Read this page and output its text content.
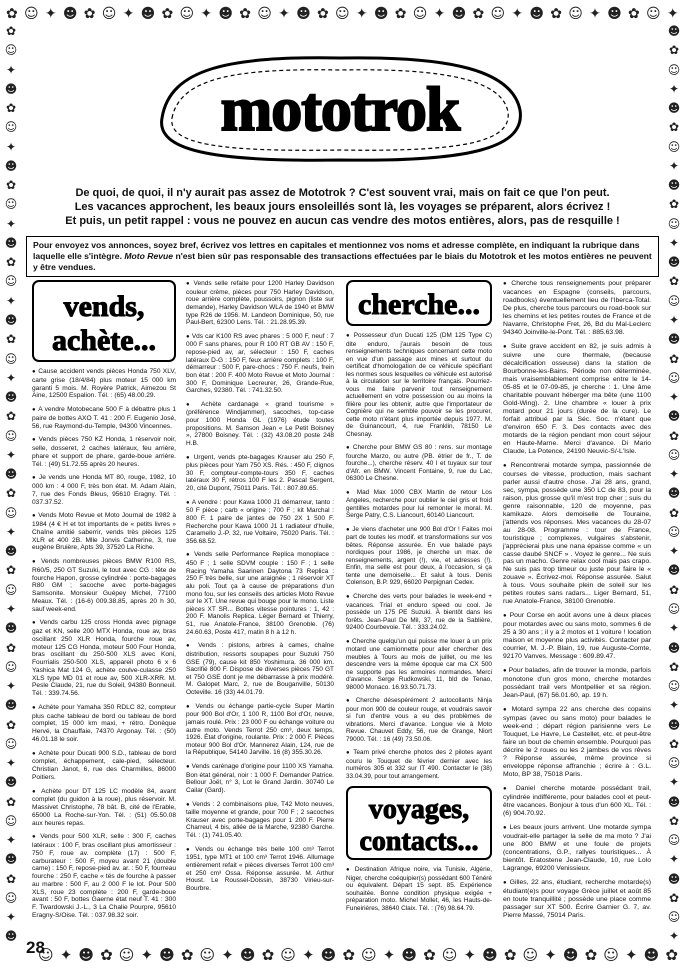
✿ ☺ ✦ ☻ ✿ ☺ ✦ ☻ ✿ ☺ ✦ ☻ ✿ ☺ ✦ ☻ ✿ ☺ ✦ ☻ ✿ ☺ ✦ ☻ ✿ ☺ ✦ ☻ ✿ ☺ ✦ ☻ ✿ ☺ ✦
✿
☺
✦
☻
✿
☺
✦
☻
✿
☺
✦
☻
✿
☺
✦
☻
✿
☺
✦
☻
✿
☺
✦
☻
✿
☺
✦
☻
✿
☺
✦
☻
✿
☺
✦
☻
✿
☺
✦
☻
✿
☺
✦
☻
✿
☺
✦
☻
☻
✿
☺
✦
☻
✿
☺
✦
☻
✿
☺
✦
☻
✿
☺
✦
☻
✿
☺
✦
☻
✿
☺
✦
☻
✿
☺
✦
☻
✿
☺
✦
☻
✿
☺
✦
☻
✿
☺
✦
☻
✿
☺
✦
☻
✿
☺
✦
☺ ✦ ☻ ✿ ☺ ✦ ☻ ✿ ☺ ✦ ☻ ✿ ☺ ✦ ☻ ✿ ☺ ✦ ☻ ✿ ☺ ✦ ☻ ✿ ☺ ✦ ☻ ✿ ☺ ✦ ☻ ✿
mototrok
De quoi, de quoi, il n'y aurait pas assez de Mototrok ? C'est souvent vrai, mais on fait ce que l'on peut.
Les vacances approchent, les beaux jours ensoleillés sont là, les voyages se préparent, alors écrivez !
Et puis, un petit rappel : vous ne pouvez en aucun cas vendre des motos entières, alors, pas de resquille !
Pour envoyez vos annonces, soyez bref, écrivez vos lettres en capitales et mentionnez vos noms et adresse complète, en indiquant la rubrique dans laquelle elle s'intègre. Moto Revue n'est bien sûr pas responsable des transactions effectuées par le biais du Mototrok et les motos entières ne peuvent y être vendues.
vends,
achète...

● Cause accident vends pièces Honda 750 XLV, carte grise (18/4/84) plus moteur 15 000 km garanti 5 mois. M. Royère Patrick, Aimezou St Aine, 12500 Espalion. Tél. : (65) 48.00.29.

● A vendre Motobecane 500 F à débattre plus 1 paire de bottes AXO T. 41 : 200 F. Eugenio José, 56, rue Raymond-du-Temple, 94300 Vincennes.

● Vends pièces 750 KZ Honda, 1 réservoir noir, selle, dosseret, 2 caches latéraux, feu arrière, phare et support de phare, garde-boue arrière. Tél. : (49) 51.72.55 après 20 heures.

● Je vends une Honda MT 80, rouge, 1982, 10 000 km : 4 000 F, très bon état. M. Adam Alain, 7, rue des Fonds Bleus, 95610 Eragny. Tél. : 037.37.52.

● Vends Moto Revue et Moto Journal de 1982 à 1984 (4 € H et tot importants de « petits livres » Chaîne amitié saberrir, vends très pièces 125 XLR et 400 2B. Mlle Jonvis Catherine, 3, rue eugène Bruière, Apts 39, 37520 La Riche.

● Vends nombreuses pièces BMW R100 RS, R60/5, 250 GT Suzuki, le tout avec CG : tête de fourche Hapon, grosse cylindrée : porte-bagages R80 GM ; sacoche avec porte-bagages Samsonite. Monsieur Guépey Michel, 77100 Meaux. Tél. : (16-6) 009.38.85, après 20 h 30, sauf week-end.

● Vends carbu 125 cross Honda avec pignage gaz et KN, selle 200 MTX Honda, roue av, bras oscillant 250 XLR Honda, fourche roue av, moteur 125 CG Honda, moteur 500 Four Honda, bras oscillant du 250-500 XLS avec Koni, Fourrialis 250-500 XLS, appareil photo 6 x 6 Yashica Mat 124 G, achète coulve-culasse 250 XLS type MD 01 et roue av, 500 XLR-XRR. M. Pesle Claude, 21, rue du Soleil, 94380 Bonneuil. Tél. : 339.74.56.

● Achète pour Yamaha 350 RDLC 82, compteur plus cache tableau de bord ou tableau de bord complet, 15 000 km maxi, + rétro. Donèque Hervé, la Chauffaie, 74370 Argonay. Tél. : (50) 46.01.18 le soir.

● Achète pour Ducati 900 S.D., tableau de bord complet, échappement, cale-pied, sélecteur. Christian Janot, 6, rue des Charmilles, 86000 Poitiers.

● Achète pour DT 125 LC modèle 84, avant complet (du guidon à la roue), plus réservoir. M. Massivet Christophe, 78 bât. B, cité de l'Erable, 65000 La Roche-sur-Yon. Tél. : (51) 05.50.08 aux heures repas.

● Vends pour 500 XLR, selle : 300 F, caches latéraux : 100 F, bras oscillant plus amortisseur : 750 F, roue av. complète (17) : 500 F, carburateur : 500 F, moyeu avant 21 (double came) : 150 F, repose-pied av. ar. : 50 F, fourreau fourche : 250 F, cache « tés de fourche à passer au marbre : 500 F, au 2 000 F le lot. Pour 500 XLS, roue 23 complète : 200 F, garde-boue avant : 50 F, bottes Gaerne état neuf T. 41 : 300 F. Twardowski J.-L., 3 La Chalie Pourpre, 95610 Eragny-S/Oise. Tél. : 037.98.32 soir.

● Vends selle refaite pour 1200 Harley Davidson couleur crème, pièces pour 750 Harley Davidson, roue arrière complète, poussoirs, pignon (liste sur demande), Harley Davidson WLA de 1940 et BMW type R26 de 1956. M. Landeon Dominique, 50, rue Paul-Bert, 62300 Lens. Tél. : 21.28.95.39.

● Vds car K100 RS avec phares : 5 000 F, neuf : 7 000 F sans phares, pour R 100 RT GB AV : 150 F, repose-pied av, ar, sélecteur : 150 F, caches latéraux D-G : 150 F, feux arrière complets : 100 F, démarreur : 500 F, pare-chocs : 750 F. neufs, frein bon état : 200 F. 400 Moto Revue et Moto Journal : 300 F, Dominique Lecreurer, 26, Grande-Rue, Garches, 92380. Tél. : 741.32.50.

● Achète cardanage « grand tourisme » (préférence Windjammer), sacoches, top-case pour 1000 Honda GL (1976) étude toutes propositions. M. Samson Jean « Le Petit Boisney », 27800 Boisney. Tél. : (32) 43.08.20 poste 248 H.B.

● Urgent, vends pte-bagages Krauser alu 250 F, plus pièces pour Yam 750 XS. Rés. : 450 F, clignos 30 F, compteur-compte-tours 350 F, caches latéraux 30 F, rétros 100 F les 2. Pascal Sergent, 20, cité Dupont, 75011 Paris. Tél. : 807.89.65.

● A vendre : pour Kawa 1000 J1 démarreur, tanto : 50 F pièce ; carb « origine ; 700 F ; kit Marchal : 800 F. 1 paire de jantes de 750 2X 1 500 F. Recherche pour Kawa 1000 J1 1 radiateur d'huile, Caramello J.-P. 32, rue Voltaire, 75020 Paris. Tél. : 356.68.52.

● Vends selle Performance Replica monoplace : 450 F ; 1 selle SDVM couple : 150 F ; 1 selle Racing Yamaha Saarinen Daytona 73 Replica : 250 F très belle, sur une araignée ; 1 réservoir XT alu poli. Tout ça à cause de préparations d'un mono fou, sur les conseils des articles Moto Revue sur le XT. Une revue qui bouge pour le mono. Liste pièces XT SR... Bottes vitesse pointures : 1, 42 : 200 F. Manolis Replica. Léger Bernard et Thierry, 51, rue Anatole-France, 38100 Grenoble. (76) 24.60.63, Poste 417, matin 8 h à 12 h.

● Vends : pistons, arbres à cames, chaîne distribution, ressorts soupapes pour Suzuki 750 GSE (79), cause kit 850 Yoshimura. 36 000 km. Sacrifié 800 F. Dispose de diverses pièces 750 GT et 750 GSE dont je me débarrasse à prix modéré. M. Galopet Marc, 2, rue de Bouganville, 50130 Octeville. 16 (33) 44.01.79.

● Vends ou échange partie-cycle Super Martin pour 900 Bol d'Or, 1 100 R, 1100 Bol d'Or, neuve, jamais roulé. Prix : 23 000 F ou échange voiture ou autre moto. Vends Terrot 250 cm³, deux temps, 1926. État d'origine, roulante. Prix : 2 000 F. Pièces moteur 900 Bol d'Or. Mannerez Alain, 124, rue de la République, 54140 Jarville. 16 (8) 355.30.26.

● Vends carénage d'origine pour 1100 XS Yamaha. Bon état général, noir : 1 000 F. Demander Patrice. Bellour Joël, n° 3, Lot le Grand Jardin. 30740 Le Cailar (Gard).

● Vends : 2 combinaisons plue, T42 Moto neuves, taille moyenne et grande, pour 700 F ; 2 sacoches Krauser avec porte-bagages pour 1 200 F. Pierre Charreul, 4 bis, allée de la Marche, 92380 Garche. Tél. : (1) 741.05.40.

● Vends ou échange très belle 100 cm³ Terrot 1951, type MT1 et 100 cm³ Terrot 1946. Allumage entièrement refait « pièces diverses Terrot 100 cm³ et 250 cm³ Ossa. Réponse assurée. M. Arthur Houst. Le Roussel-Doissin, 38730 Virieu-sur-Bourbre.

cherche...

● Possesseur d'un Ducati 125 (DM 125 Type C) dite enduro, j'aurais besoin de tous renseignements techniques concernant cette moto en vue d'un passage aux mines et surtout du certificat d'homologation de ce véhicule spécifiant les normes sous lesquelles ce véhicule est autorisé à la circulation sur le territoire français. Pourriez-vous me faire parvenir tout renseignement actuellement en votre possession ou au moins la filière pour les obtenir, autre que l'importateur de Cognière qui ne semble pouvoir se les procurer, cette moto n'étant plus importée depuis 1977. M. de Guinancourt, 4, rue Franklin, 78150 Le Chesnay.

● Cherche pour BMW GS 80 : rens. sur montage fourche Marzo, ou autre (PB. étrier de fr., T. de fourche...), cherche réserv. 40 l et tuyaux sur tour d'Afr. en BMW. Vincent Fontaine, 9, rue du Lac, 06300 Le Chesne.

● Mad Max 1000 CBX Martin de retour Los Angeles, recherche pour oublier le ciel gris et froid gentilles motardes pour lui remonter le moral. M. Serge Patry, C.S. Liancourt, 60140 Liancourt.

● Je viens d'acheter une 900 Bol d'Or ! Faites moi part de toutes les modif. et transformations sur vos bêtes. Réponse assurée. En vue balade pays nordiques pour 1986, je cherche un max. de renseignements, argent (!), vie, et adresses (!). Enfin, ma selle est pour deux, à l'occasion, si ça tente une demoiselle... Et salut à tous. Denis Colenson, B.P. 929, 66020 Perpignan Cedex.

● Cherche des verts pour balades le week-end + vacances. Trial et enduro speed ou cool. Je possède un 175 PE Suzuki. À bientôt dans les forêts. Jean-Paul De Mil, 37, rue de la Sablière, 92400 Courbevoie. Tél. : 333.24.02.

● Cherche quelqu'un qui puisse me louer à un prix motard une camionnette pour aller chercher des meubles à Tours au mois de juillet, ou me les descendre vers la même époque car ma CX 500 ne supporte pas les armoires normandes. Merci d'avance. Serge Rudkowski, 11, bld de Tenao, 98000 Monaco. 16.93.50.71.73.

● Cherche désespérément 2 autocollants Ninja pour mon 900 de couleur rouge, et voudrais savoir si l'un d'entre vous a eu des problèmes de vibrations. Merci d'avance. Longue vie à Moto Revue. Chauvet Eddy, 56, rue de Grange, Niort 79000. Tél. : 16 (49) 73.50.06.

● Team privé cherche photos des 2 pilotes ayant couru le Touquet de février dernier avec les numéros 305 et 332 sur IT 490. Contacter le (38) 33.04.39, pour tout arrangement.

voyages,
contacts...

● Destination Afrique noire, via Tunisie, Algérie, Niger, cherche coéquipier(s) possédant 600 Ténéré ou équivalent. Départ 15 sept. 85. Expérience souhaitée. Bonne condition physique exigée + préparation moto. Michel Mollet, 46, les Hauts-de-Funeirières, 38640 Claix. Tél. : (76) 98.64.79.

● Cherche tous renseignements pour préparer vacances en Espagne (conseils, parcours, roadbooks) éventuellement lieu de l'Iberca-Total. De plus, cherche tous parcours ou road-book sur les chemins et les petites routes de France et de Navarre, Christophe Fret, 26, Bd du Mal-Leclerc 94340 Joinville-le-Pont. Tél. : 885.63.98.

● Suite grave accident en 82, je suis admis à suivre une cure thermale, (because décalcification osseuse) dans la station de Bourbonne-les-Bains. Période non déterminée, mais vraisemblablement comprise entre le 14-05-85 et le 07-09-85, je cherche : 1. Une âme charitable pouvant héberger ma bête (une 1100 Gold-Wing). 2. Une chambre « louer à prix motard pour 21 jours (durée de la cure). Le forfait attribué par la Séc. Soc. n'étant que d'environ 650 F. 3. Des contacts avec des motards de la région pendant mon court séjour en Haute-Marne. Merci d'avance. Di Mario Claude, La Potence, 24190 Neuvic-S/-L'Isle.

● Rencontrerai motarde sympa, passionnée de courses de vitesse, production, mais sachant parler aussi d'autre chose. J'ai 28 ans, grand, sec, sympa, possède une 350 LC de 83, pour la raison, plus grosse qu'il m'est trop cher ; suis du genre raisonnable, 120 de moyenne, pas kamikaze. Alors demoiselle de Touraine, j'attends vos réponses. Mes vacances du 28-07 au 28-08. Programme : tour de France, touristique ; complexes, vulgaires s'abstenir, j'apprécierai plus une nana épaisse comme « un casse daubé SNCF » . Voyez le genre... Ne suis pas un macho. Genre relax cool mais pas crapo. Ne suis pas trop timeur ou juste pour faire le « zouave ». Écrivez-moi. Réponse assurée. Salut à tous. Vous souhaite plein de soleil sur les petites routes sans radars... Liger Bernard, 51, rue Anatole-France, 38100 Grenoble.

● Pour Corse en août avons une à deux places pour motardes avec ou sans moto, sommes 6 de 25 à 30 ans ; il y a 2 motos et 1 voiture ! location maison et moyenne plus activités. Contacter par courrier, M. J.-P. Blain, 19, rue Auguste-Comte, 92170 Vanves. Message : 609.89.47.

● Pour balades, afin de trouver la monde, parfois monotone d'un gros mono, cherche motardes possédant trail vers Montpellier et sa région. Jean-Paul, (67) 56.01.60, ap. 19 h.

● Motard sympa 22 ans cherche des copains sympas (avec ou sans moto) pour balades le week-end ; départ région parisienne vers Le Touquet, Le Havre, Le Castellet, etc. et peut-être faire un bout de chemin ensemble. Pourquoi pas décrire le 2 roues ou les 2 jambes de vos rêves ? Réponse assurée, même province si enveloppe réponse affranchie ; écrire à : G.L. Moto, BP 38, 75018 Paris.

● Daniel cherche motarde possédant trail, cylindrée indifférente, pour balades cool et peut-être vacances. Bonjour à tous d'un 600 XL. Tél. : (6) 904.70.92.

● Les beaux jours arrivent. Une motarde sympa voudrait-elle partager la selle de ma moto ? J'ai une 800 BMW et une foule de projets (concentrations, G.P., rallyes touristiques... À bientôt. Eratostene Jean-Claude, 10, rue Lolo Lagrange, 69200 Venissieux.

● Gilles, 22 ans, étudiant, recherche motarde(s) étudiant(e)s pour voyage Grèce juillet et août 85 en toute tranquillité ; possède une place comme passager sur XT 500. Écrire Garnier G. 7, av. Pierre Massé, 75014 Paris.

28
